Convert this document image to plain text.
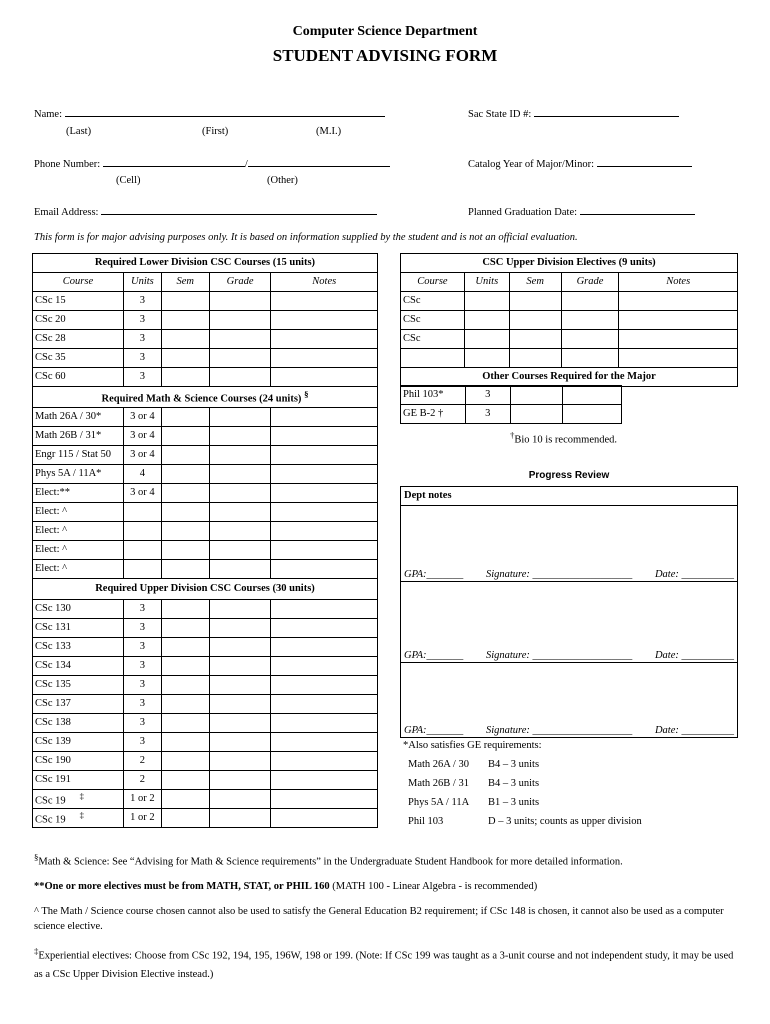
Computer Science Department
STUDENT ADVISING FORM
Name:
(Last)	(First)	(M.I.)
Sac State ID #:
Phone Number:	/
(Cell)	(Other)
Catalog Year of Major/Minor:
Email Address:	Planned Graduation Date:
This form is for major advising purposes only. It is based on information supplied by the student and is not an official evaluation.
Required Lower Division CSC Courses (15 units)				
Course	Units	Sem	Grade	Notes
CSc 15	3			
CSc 20	3			
CSc 28	3			
CSc 35	3			
CSc 60	3			
Required Math & Science Courses (24 units) §
Math 26A / 30*	3 or 4			
Math 26B / 31*	3 or 4			
Engr 115 / Stat 50	3 or 4			
Phys 5A / 11A*	4			
Elect:**	3 or 4			
Elect: ^				
Elect: ^				
Elect: ^				
Elect: ^				
Required Upper Division CSC Courses (30 units)				
CSc 130	3			
CSc 131	3			
CSc 133	3			
CSc 134	3			
CSc 135	3			
CSc 137	3			
CSc 138	3			
CSc 139	3			
CSc 190	2			
CSc 191	2			
CSc 19 ‡	1 or 2			
CSc 19 ‡	1 or 2			
CSC Upper Division Electives (9 units)				
Course	Units	Sem	Grade	Notes
CSc				
CSc				
CSc				

Other Courses Required for the Major				
Phil 103*	3		
GE B-2 †	3		
†Bio 10 is recommended.
Progress Review
Dept notes
GPA:_______ Signature: ___________________ Date: __________
GPA:_______ Signature: ___________________ Date: __________
GPA:_______ Signature: ___________________ Date: __________
*Also satisfies GE requirements:
Math 26A / 30 B4 – 3 units
Math 26B / 31 B4 – 3 units
Phys 5A / 11A B1 – 3 units
Phil 103	D – 3 units; counts as upper division

§Math & Science: See “Advising for Math & Science requirements” in the Undergraduate Student Handbook for more detailed information.

**One or more electives must be from MATH, STAT, or PHIL 160 (MATH 100 - Linear Algebra - is recommended)

^ The Math / Science course chosen cannot also be used to satisfy the General Education B2 requirement; if CSc 148 is chosen, it cannot also be used as a computer science elective.

‡Experiential electives: Choose from CSc 192, 194, 195, 196W, 198 or 199. (Note: If CSc 199 was taught as a 3-unit course and not independent study, it may be used as a CSc Upper Division Elective instead.)
